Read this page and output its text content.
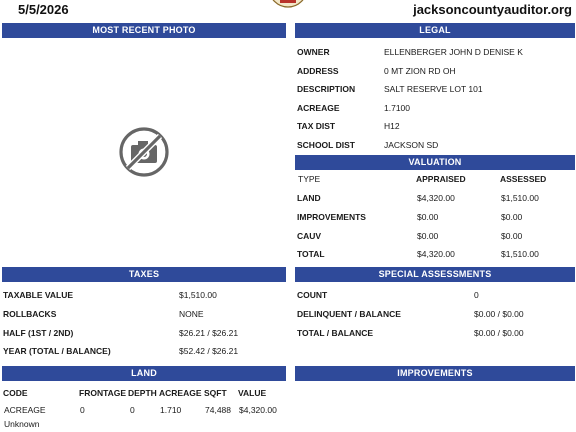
5/5/2026	jacksoncountyauditor.org
MOST RECENT PHOTO	LEGAL
OWNER	ELLENBERGER JOHN D DENISE K
ADDRESS	0 MT ZION RD OH
DESCRIPTION	SALT RESERVE LOT 101
ACREAGE	1.7100
TAX DIST	H12
SCHOOL DIST	JACKSON SD
VALUATION
TYPE	APPRAISED	ASSESSED
LAND	$4,320.00	$1,510.00
IMPROVEMENTS	$0.00	$0.00
CAUV	$0.00	$0.00
TOTAL	$4,320.00	$1,510.00
TAXES
TAXABLE VALUE	$1,510.00
ROLLBACKS	NONE
HALF (1ST / 2ND)	$26.21 / $26.21
YEAR (TOTAL / BALANCE)	$52.42 / $26.21
SPECIAL ASSESSMENTS
COUNT	0
DELINQUENT / BALANCE	$0.00 / $0.00
TOTAL / BALANCE	$0.00 / $0.00
LAND
CODE	FRONTAGE DEPTH ACREAGE SQFT VALUE
ACREAGE	0	0	1.710	74,488 $4,320.00
Unknown
IMPROVEMENTS
